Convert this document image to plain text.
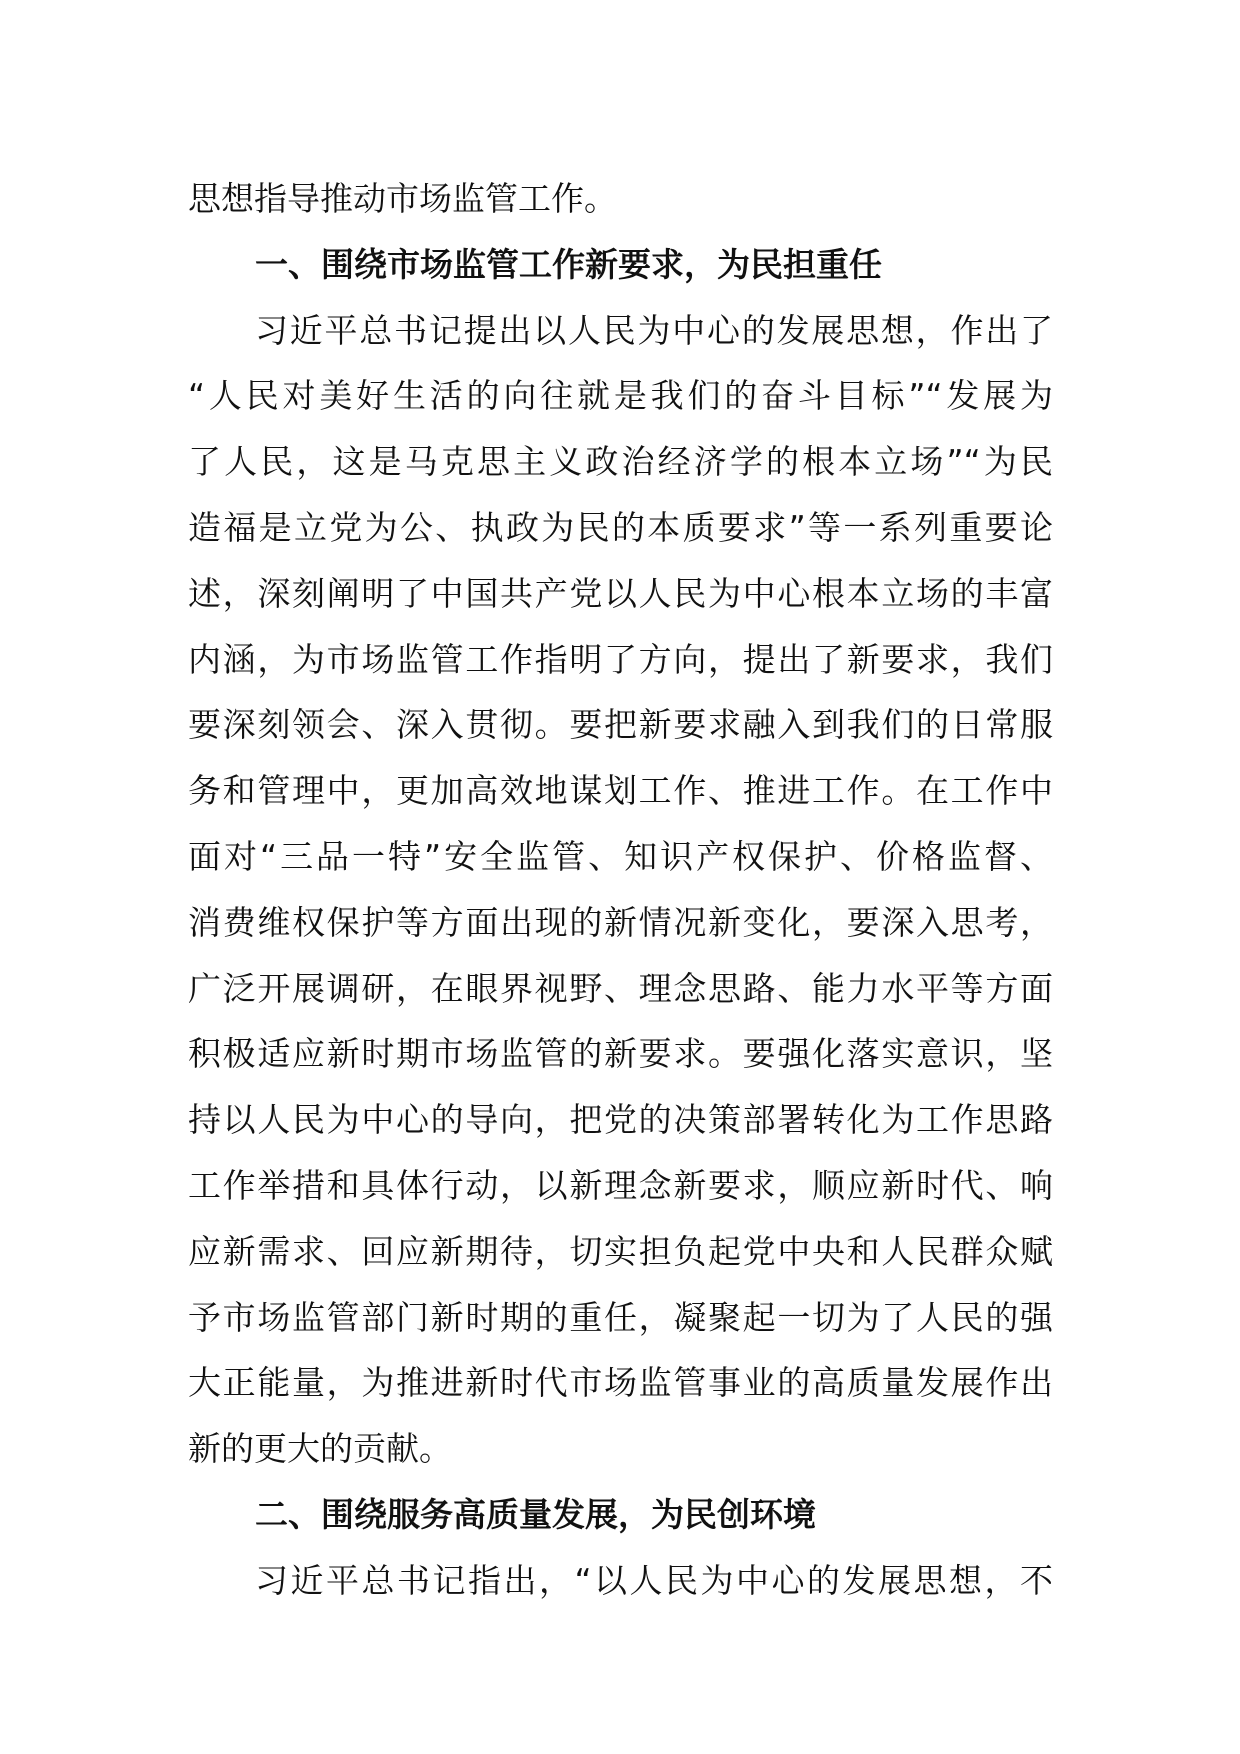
思想指导推动市场监管工作。
一、围绕市场监管工作新要求，为民担重任
习近平总书记提出以人民为中心的发展思想，作出了
“人民对美好生活的向往就是我们的奋斗目标”“发展为
了人民，这是马克思主义政治经济学的根本立场”“为民
造福是立党为公、执政为民的本质要求”等一系列重要论
述，深刻阐明了中国共产党以人民为中心根本立场的丰富
内涵，为市场监管工作指明了方向，提出了新要求，我们
要深刻领会、深入贯彻。要把新要求融入到我们的日常服
务和管理中，更加高效地谋划工作、推进工作。在工作中
面对“三品一特”安全监管、知识产权保护、价格监督、
消费维权保护等方面出现的新情况新变化，要深入思考，
广泛开展调研，在眼界视野、理念思路、能力水平等方面
积极适应新时期市场监管的新要求。要强化落实意识，坚
持以人民为中心的导向，把党的决策部署转化为工作思路
工作举措和具体行动，以新理念新要求，顺应新时代、响
应新需求、回应新期待，切实担负起党中央和人民群众赋
予市场监管部门新时期的重任，凝聚起一切为了人民的强
大正能量，为推进新时代市场监管事业的高质量发展作出
新的更大的贡献。
二、围绕服务高质量发展，为民创环境
习近平总书记指出，“以人民为中心的发展思想，不
